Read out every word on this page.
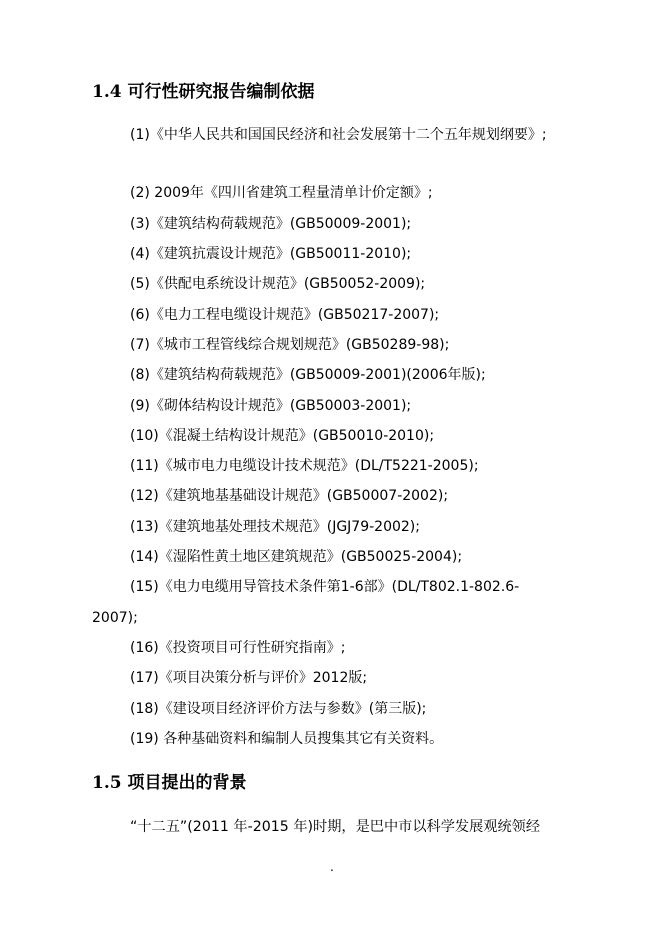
1.4 可行性研究报告编制依据
(1)《中华人民共和国国民经济和社会发展第十二个五年规划纲要》;
(2) 2009年《四川省建筑工程量清单计价定额》;
(3)《建筑结构荷载规范》(GB50009-2001);
(4)《建筑抗震设计规范》(GB50011-2010);
(5)《供配电系统设计规范》(GB50052-2009);
(6)《电力工程电缆设计规范》(GB50217-2007);
(7)《城市工程管线综合规划规范》(GB50289-98);
(8)《建筑结构荷载规范》(GB50009-2001)(2006年版);
(9)《砌体结构设计规范》(GB50003-2001);
(10)《混凝土结构设计规范》(GB50010-2010);
(11)《城市电力电缆设计技术规范》(DL/T5221-2005);
(12)《建筑地基基础设计规范》(GB50007-2002);
(13)《建筑地基处理技术规范》(JGJ79-2002);
(14)《湿陷性黄土地区建筑规范》(GB50025-2004);
(15)《电力电缆用导管技术条件第1-6部》(DL/T802.1-802.6-
2007);
(16)《投资项目可行性研究指南》;
(17)《项目决策分析与评价》2012版;
(18)《建设项目经济评价方法与参数》(第三版);
(19) 各种基础资料和编制人员搜集其它有关资料。
1.5 项目提出的背景
“十二五”(2011 年-2015 年)时期，是巴中市以科学发展观统领经
.
